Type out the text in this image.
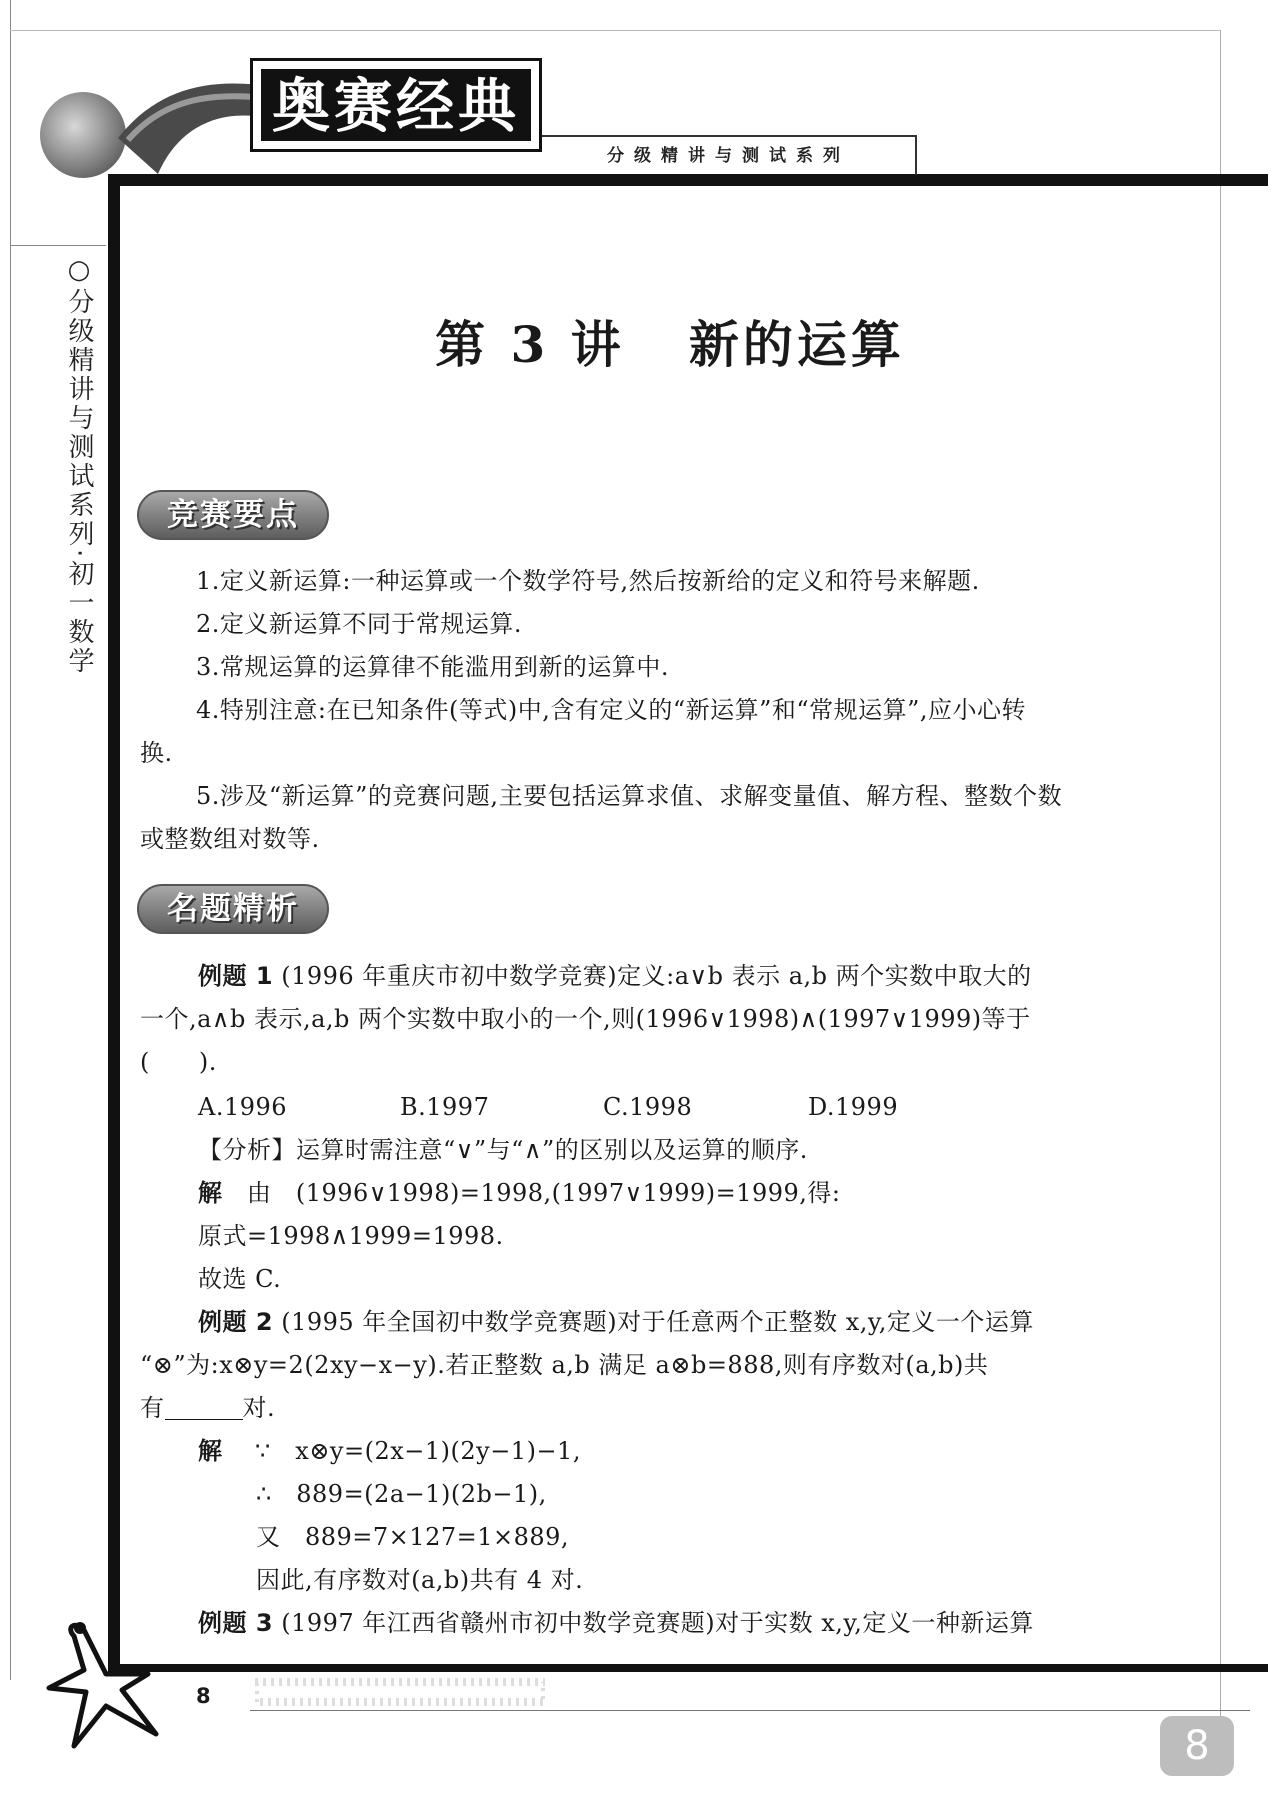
奥赛经典
分级精讲与测试系列
○分级精讲与测试系列·初一数学	第 3 讲   新的运算
竞赛要点
1.定义新运算:一种运算或一个数学符号,然后按新给的定义和符号来解题.
2.定义新运算不同于常规运算.
3.常规运算的运算律不能滥用到新的运算中.
4.特别注意:在已知条件(等式)中,含有定义的“新运算”和“常规运算”,应小心转
换.
5.涉及“新运算”的竞赛问题,主要包括运算求值、求解变量值、解方程、整数个数
或整数组对数等.
名题精析
例题 1 (1996 年重庆市初中数学竞赛)定义:a∨b 表示 a,b 两个实数中取大的
一个,a∧b 表示,a,b 两个实数中取小的一个,则(1996∨1998)∧(1997∨1999)等于
(　　).
A.1996	B.1997	C.1998	D.1999
【分析】运算时需注意“∨”与“∧”的区别以及运算的顺序.
解 由　(1996∨1998)=1998,(1997∨1999)=1999,得:
原式=1998∧1999=1998.
故选 C.
例题 2 (1995 年全国初中数学竞赛题)对于任意两个正整数 x,y,定义一个运算
“⊗”为:x⊗y=2(2xy−x−y).若正整数 a,b 满足 a⊗b=888,则有序数对(a,b)共
有	对.
解 ∵　x⊗y=(2x−1)(2y−1)−1,
∴　889=(2a−1)(2b−1),
又　889=7×127=1×889,
因此,有序数对(a,b)共有 4 对.
例题 3 (1997 年江西省赣州市初中数学竞赛题)对于实数 x,y,定义一种新运算
8
8
